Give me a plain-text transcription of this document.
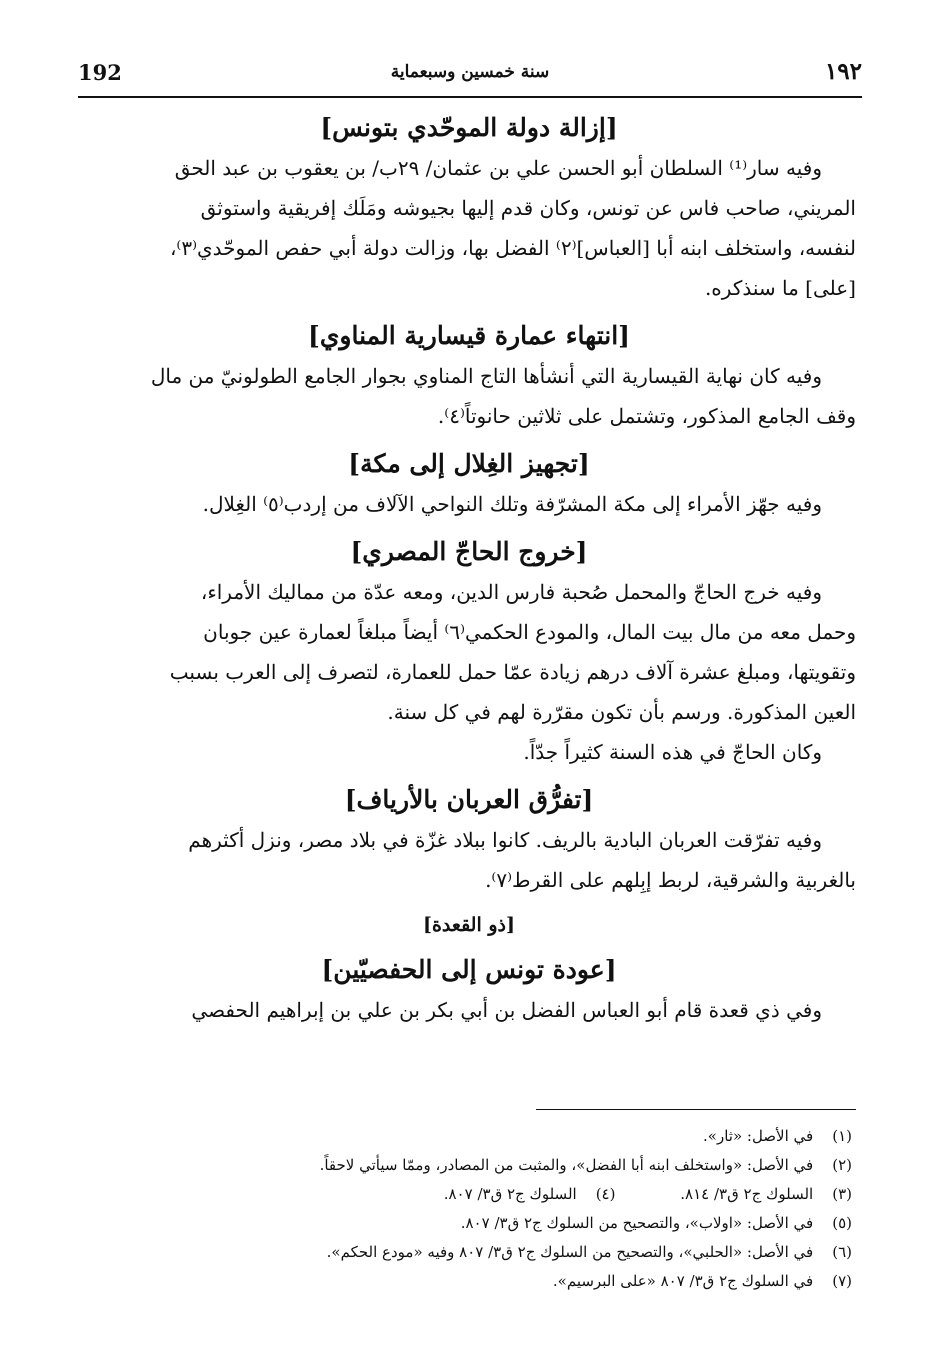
١٩٢
سنة خمسين وسبعماية
192
[إزالة دولة الموحّدي بتونس]
وفيه سار⁽¹⁾ السلطان أبو الحسن علي بن عثمان/ ٢٩ب/ بن يعقوب بن عبد الحق
المريني، صاحب فاس عن تونس، وكان قدم إليها بجيوشه ومَلَك إفريقية واستوثق
لنفسه، واستخلف ابنه أبا [العباس]⁽٢⁾ الفضل بها، وزالت دولة أبي حفص الموحّدي⁽٣⁾،
[على] ما سنذكره.
[انتهاء عمارة قيسارية المناوي]
وفيه كان نهاية القيسارية التي أنشأها التاج المناوي بجوار الجامع الطولونيّ من مال
وقف الجامع المذكور، وتشتمل على ثلاثين حانوتاً⁽٤⁾.
[تجهيز الغِلال إلى مكة]
وفيه جهّز الأمراء إلى مكة المشرّفة وتلك النواحي الآلاف من إردب⁽٥⁾ الغِلال.
[خروج الحاجّ المصري]
وفيه خرج الحاجّ والمحمل صُحبة فارس الدين، ومعه عدّة من مماليك الأمراء،
وحمل معه من مال بيت المال، والمودع الحكمي⁽٦⁾ أيضاً مبلغاً لعمارة عين جوبان
وتقويتها، ومبلغ عشرة آلاف درهم زيادة عمّا حمل للعمارة، لتصرف إلى العرب بسبب
العين المذكورة. ورسم بأن تكون مقرّرة لهم في كل سنة.
وكان الحاجّ في هذه السنة كثيراً جدّاً.
[تفرُّق العربان بالأرياف]
وفيه تفرّقت العربان البادية بالريف. كانوا ببلاد غزّة في بلاد مصر، ونزل أكثرهم
بالغربية والشرقية، لربط إبِلهم على القرط⁽٧⁾.
[ذو القعدة]
[عودة تونس إلى الحفصيّين]
وفي ذي قعدة قام أبو العباس الفضل بن أبي بكر بن علي بن إبراهيم الحفصي
(١) في الأصل: «ثار».
(٢) في الأصل: «واستخلف ابنه أبا الفضل»، والمثبت من المصادر، وممّا سيأتي لاحقاً.
(٣) السلوك ج٢ ق٣/ ٨١٤. (٤) السلوك ج٢ ق٣/ ٨٠٧.
(٥) في الأصل: «اولاب»، والتصحيح من السلوك ج٢ ق٣/ ٨٠٧.
(٦) في الأصل: «الحلبي»، والتصحيح من السلوك ج٢ ق٣/ ٨٠٧ وفيه «مودع الحكم».
(٧) في السلوك ج٢ ق٣/ ٨٠٧ «على البرسيم».
